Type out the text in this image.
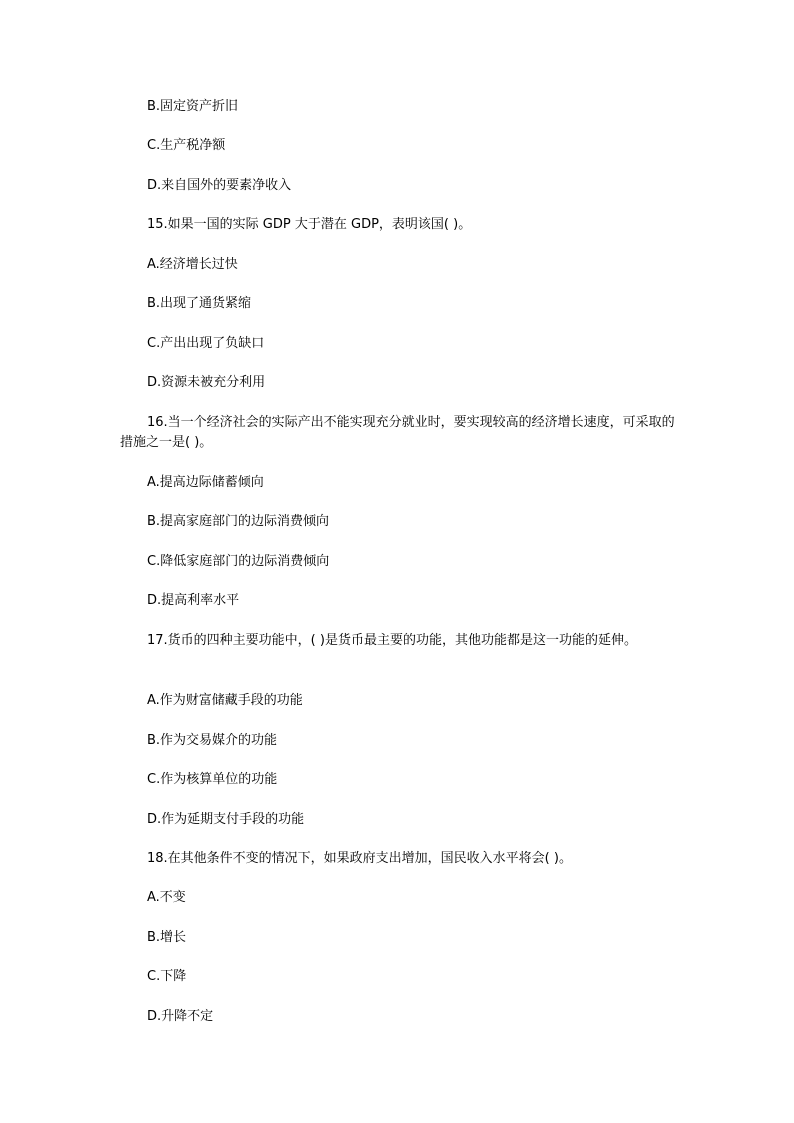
B.固定资产折旧
C.生产税净额
D.来自国外的要素净收入
15.如果一国的实际 GDP 大于潜在 GDP，表明该国( )。
A.经济增长过快
B.出现了通货紧缩
C.产出出现了负缺口
D.资源未被充分利用
16.当一个经济社会的实际产出不能实现充分就业时，要实现较高的经济增长速度，可采取的措施之一是( )。
A.提高边际储蓄倾向
B.提高家庭部门的边际消费倾向
C.降低家庭部门的边际消费倾向
D.提高利率水平
17.货币的四种主要功能中，( )是货币最主要的功能，其他功能都是这一功能的延伸。
A.作为财富储藏手段的功能
B.作为交易媒介的功能
C.作为核算单位的功能
D.作为延期支付手段的功能
18.在其他条件不变的情况下，如果政府支出增加，国民收入水平将会( )。
A.不变
B.增长
C.下降
D.升降不定
